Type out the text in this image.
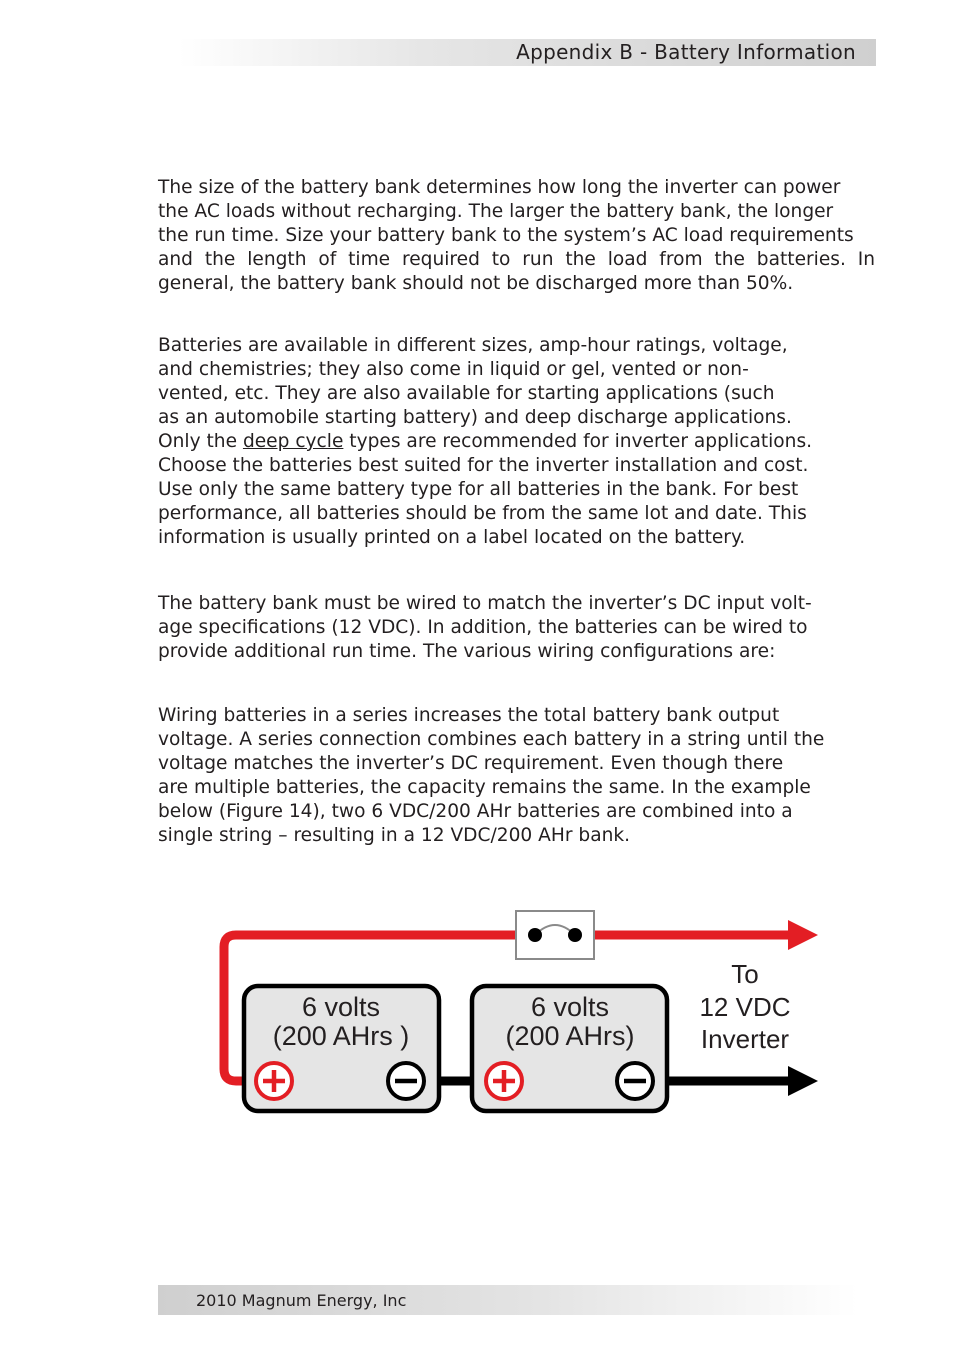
Appendix B - Battery Information
The size of the battery bank determines how long the inverter can power
the AC loads without recharging. The larger the battery bank, the longer
the run time. Size your battery bank to the system’s AC load requirements
and the length of time required to run the load from the batteries. In
general, the battery bank should not be discharged more than 50%.
Batteries are available in different sizes, amp-hour ratings, voltage,
and chemistries; they also come in liquid or gel, vented or non-
vented, etc. They are also available for starting applications (such
as an automobile starting battery) and deep discharge applications.
Only the deep cycle types are recommended for inverter applications.
Choose the batteries best suited for the inverter installation and cost.
Use only the same battery type for all batteries in the bank. For best
performance, all batteries should be from the same lot and date. This
information is usually printed on a label located on the battery.
The battery bank must be wired to match the inverter’s DC input volt-
age specifications (12 VDC). In addition, the batteries can be wired to
provide additional run time. The various wiring configurations are:
Wiring batteries in a series increases the total battery bank output
voltage. A series connection combines each battery in a string until the
voltage matches the inverter’s DC requirement. Even though there
are multiple batteries, the capacity remains the same. In the example
below (Figure 14), two 6 VDC/200 AHr batteries are combined into a
single string – resulting in a 12 VDC/200 AHr bank.
6 volts
(200 AHrs )
6 volts
(200 AHrs)
To
12 VDC
Inverter
2010 Magnum Energy, Inc
